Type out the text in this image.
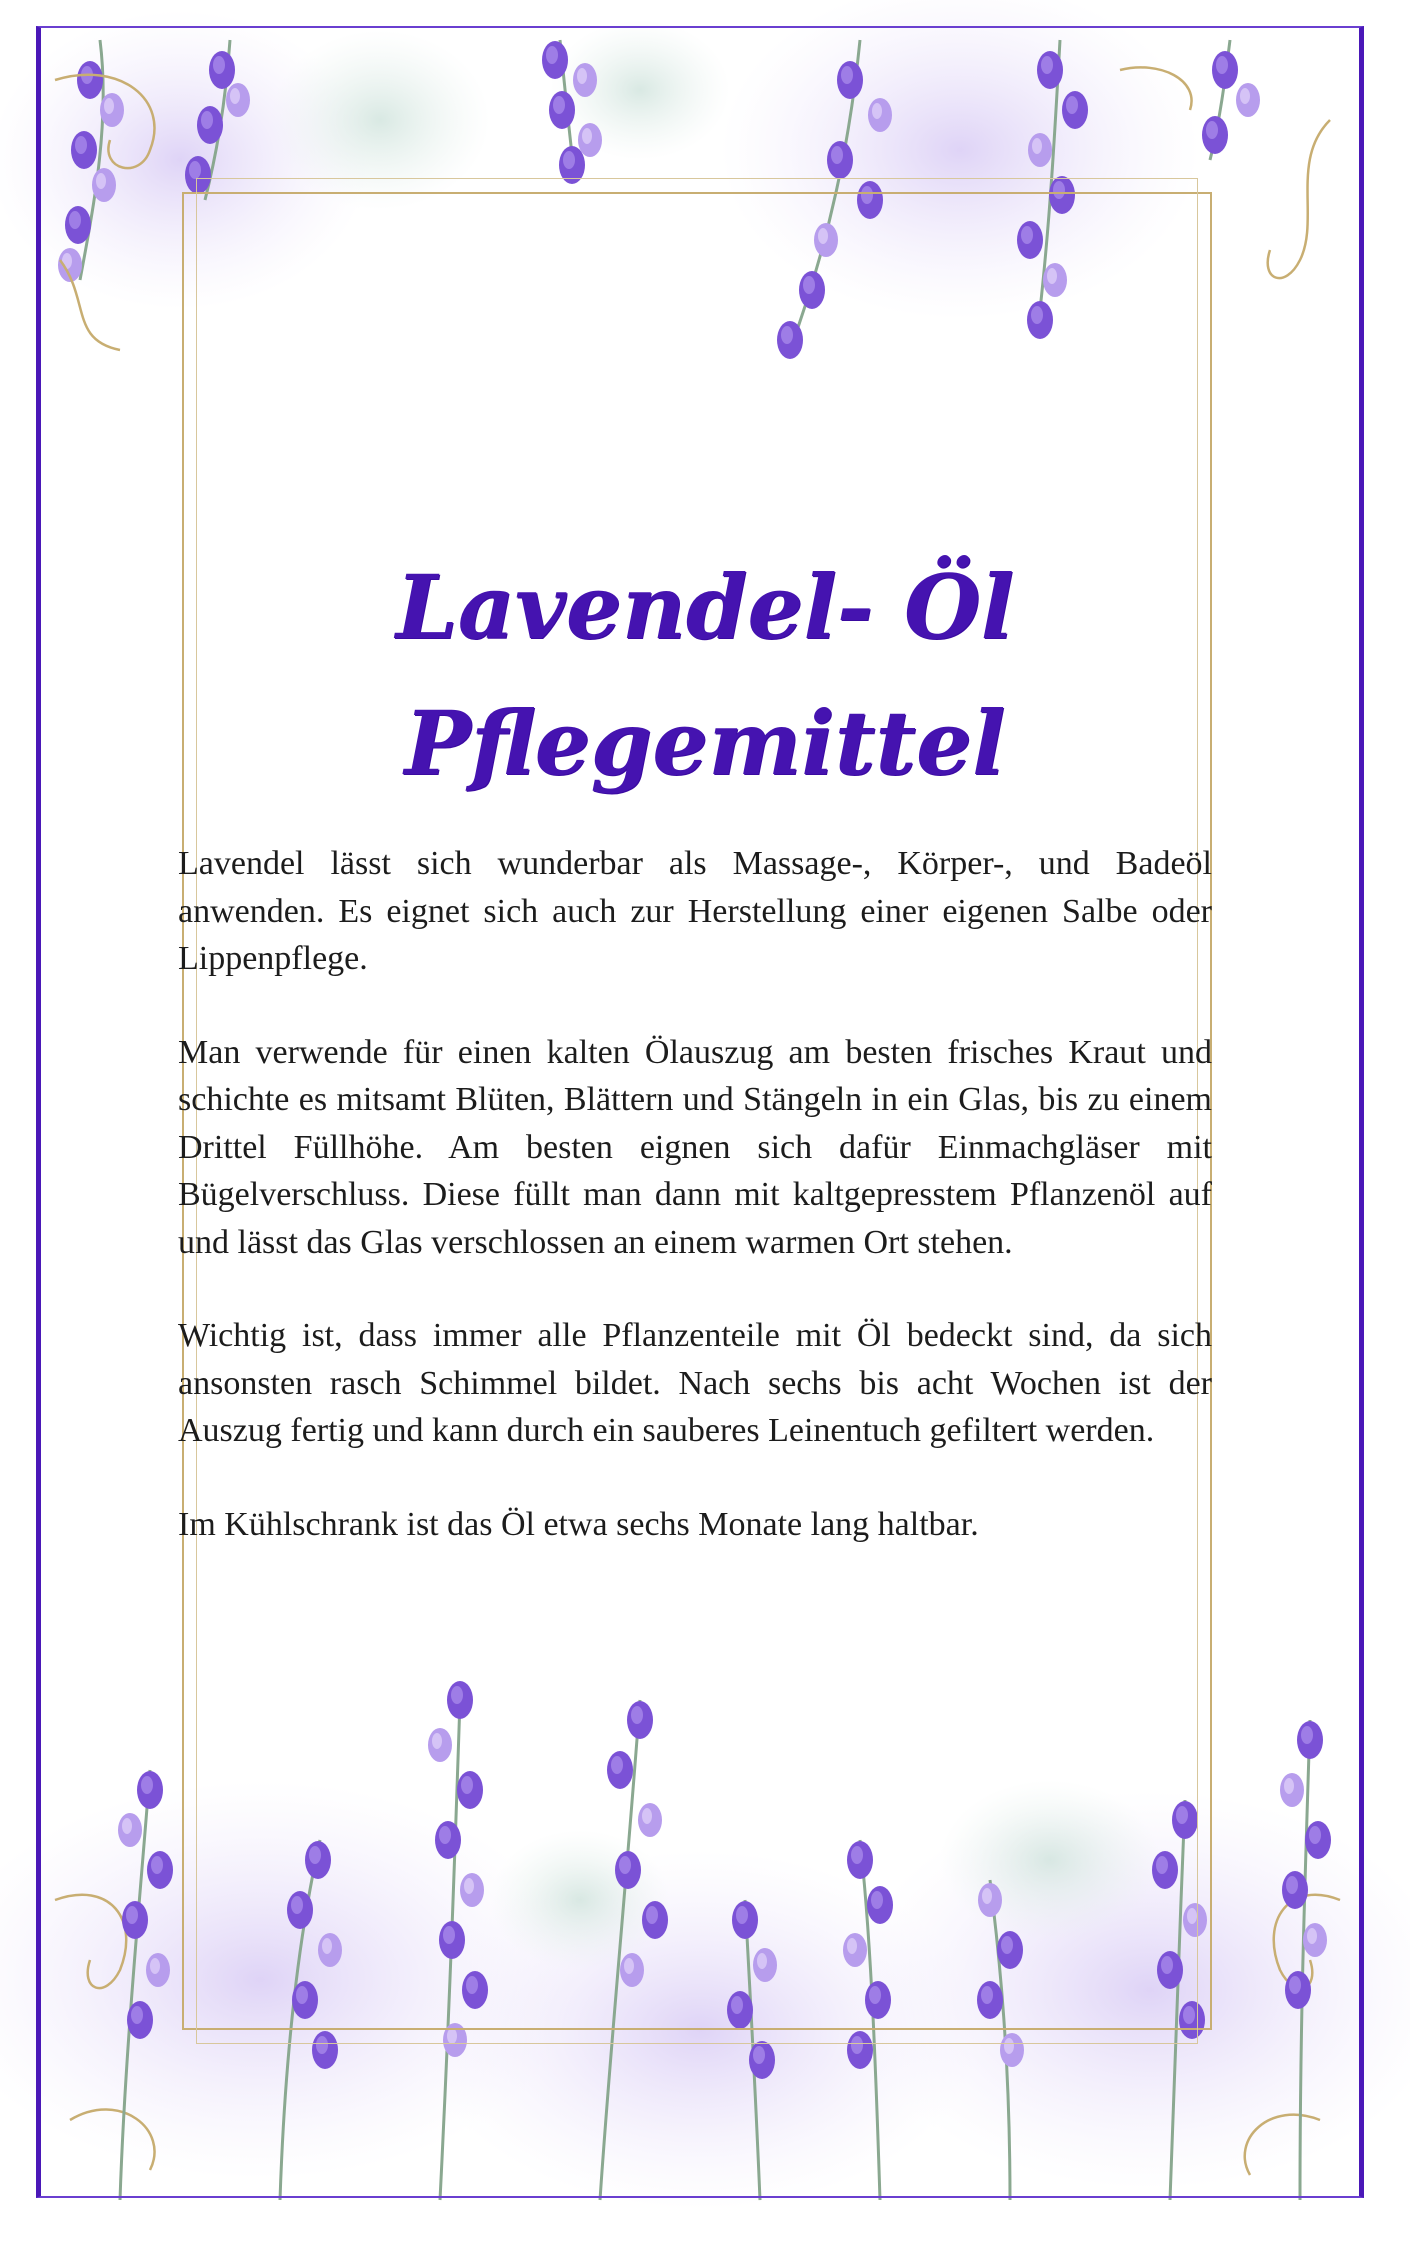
Lavendel- Öl
Pflegemittel

Lavendel lässt sich wunderbar als Massage-, Körper-, und Badeöl anwenden. Es eignet sich auch zur Herstellung einer eigenen Salbe oder Lippenpflege.

Man verwende für einen kalten Ölauszug am besten frisches Kraut und schichte es mitsamt Blüten, Blättern und Stängeln in ein Glas, bis zu einem Drittel Füllhöhe. Am besten eignen sich dafür Einmachgläser mit Bügelverschluss. Diese füllt man dann mit kaltgepresstem Pflanzenöl auf und lässt das Glas verschlossen an einem warmen Ort stehen.

Wichtig ist, dass immer alle Pflanzenteile mit Öl bedeckt sind, da sich ansonsten rasch Schimmel bildet. Nach sechs bis acht Wochen ist der Auszug fertig und kann durch ein sauberes Leinentuch gefiltert werden.

Im Kühlschrank ist das Öl etwa sechs Monate lang haltbar.
